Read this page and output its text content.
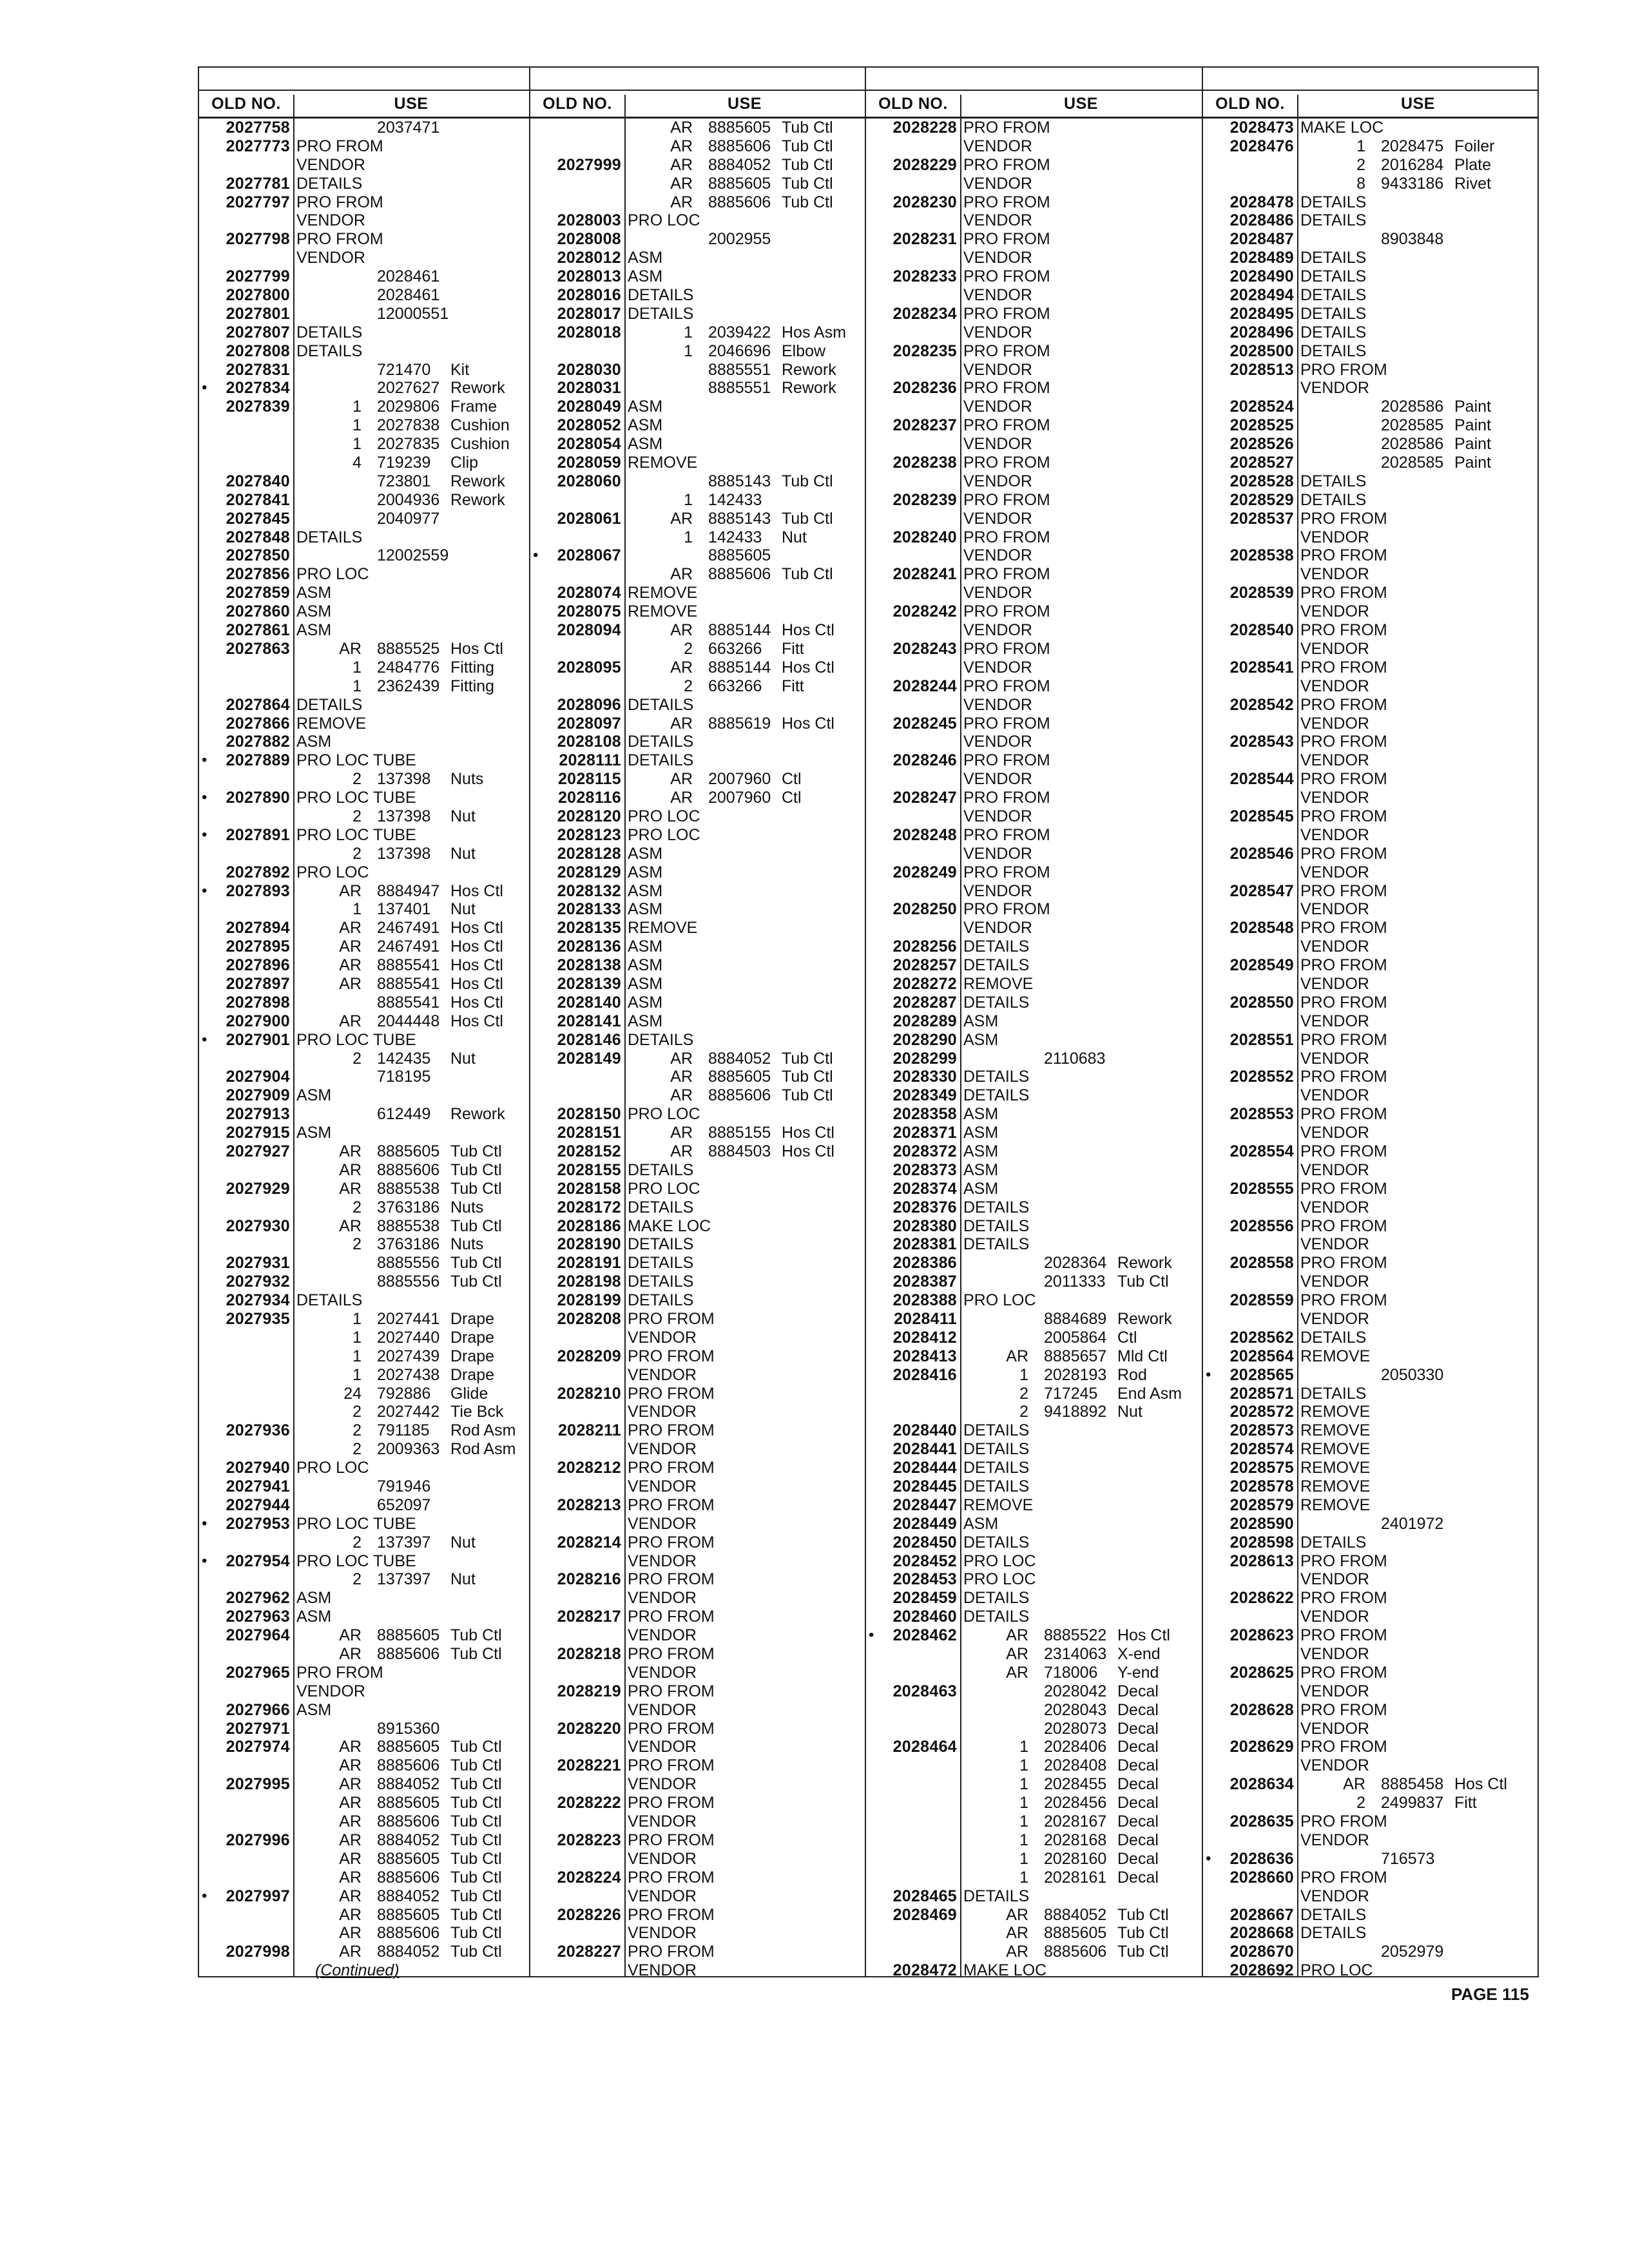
OLD NO.	USE
2027758	2037471
2027773 PRO FROM
VENDOR
2027781 DETAILS
2027797 PRO FROM
VENDOR
2027798 PRO FROM
VENDOR
2027799	2028461
2027800	2028461
2027801	12000551
2027807 DETAILS
2027808 DETAILS
2027831	721470 Kit
•	2027834	2027627 Rework
2027839	1 2029806 Frame
1 2027838 Cushion
1 2027835 Cushion
4 719239 Clip
2027840	723801 Rework
2027841	2004936 Rework
2027845	2040977
2027848 DETAILS
2027850	12002559
2027856 PRO LOC
2027859 ASM
2027860 ASM
2027861 ASM
2027863	AR 8885525 Hos Ctl
1 2484776 Fitting
1 2362439 Fitting
2027864 DETAILS
2027866 REMOVE
2027882 ASM
•	2027889 PRO LOC TUBE
2 137398 Nuts
•	2027890 PRO LOC TUBE
2 137398 Nut
•	2027891 PRO LOC TUBE
2 137398 Nut
2027892 PRO LOC
•	2027893	AR 8884947 Hos Ctl
1 137401 Nut
2027894	AR 2467491 Hos Ctl
2027895	AR 2467491 Hos Ctl
2027896	AR 8885541 Hos Ctl
2027897	AR 8885541 Hos Ctl
2027898	8885541 Hos Ctl
2027900	AR 2044448 Hos Ctl
•	2027901 PRO LOC TUBE
2 142435 Nut
2027904	718195
2027909 ASM
2027913	612449 Rework
2027915 ASM
2027927	AR 8885605 Tub Ctl
AR 8885606 Tub Ctl
2027929	AR 8885538 Tub Ctl
2 3763186 Nuts
2027930	AR 8885538 Tub Ctl
2 3763186 Nuts
2027931	8885556 Tub Ctl
2027932	8885556 Tub Ctl
2027934 DETAILS
2027935	1 2027441 Drape
1 2027440 Drape
1 2027439 Drape
1 2027438 Drape
24 792886 Glide
2 2027442 Tie Bck
2027936	2 791185 Rod Asm
2 2009363 Rod Asm
2027940 PRO LOC
2027941	791946
2027944	652097
•	2027953 PRO LOC TUBE
2 137397 Nut
•	2027954 PRO LOC TUBE
2 137397 Nut
2027962 ASM
2027963 ASM
2027964	AR 8885605 Tub Ctl
AR 8885606 Tub Ctl
2027965 PRO FROM
VENDOR
2027966 ASM
2027971	8915360
2027974	AR 8885605 Tub Ctl
AR 8885606 Tub Ctl
2027995	AR 8884052 Tub Ctl
AR 8885605 Tub Ctl
AR 8885606 Tub Ctl
2027996	AR 8884052 Tub Ctl
AR 8885605 Tub Ctl
AR 8885606 Tub Ctl
•	2027997	AR 8884052 Tub Ctl
AR 8885605 Tub Ctl
AR 8885606 Tub Ctl
2027998	AR 8884052 Tub Ctl
(Continued)
OLD NO.	USE
AR 8885605 Tub Ctl
AR 8885606 Tub Ctl
2027999	AR 8884052 Tub Ctl
AR 8885605 Tub Ctl
AR 8885606 Tub Ctl
2028003 PRO LOC
2028008	2002955
2028012 ASM
2028013 ASM
2028016 DETAILS
2028017 DETAILS
2028018	1 2039422 Hos Asm
1 2046696 Elbow
2028030	8885551 Rework
2028031	8885551 Rework
2028049 ASM
2028052 ASM
2028054 ASM
2028059 REMOVE
2028060	8885143 Tub Ctl
1 142433
2028061	AR 8885143 Tub Ctl
1 142433 Nut
•	2028067	8885605
AR 8885606 Tub Ctl
2028074 REMOVE
2028075 REMOVE
2028094	AR 8885144 Hos Ctl
2 663266 Fitt
2028095	AR 8885144 Hos Ctl
2 663266 Fitt
2028096 DETAILS
2028097	AR 8885619 Hos Ctl
2028108 DETAILS
2028111 DETAILS
2028115	AR 2007960 Ctl
2028116	AR 2007960 Ctl
2028120 PRO LOC
2028123 PRO LOC
2028128 ASM
2028129 ASM
2028132 ASM
2028133 ASM
2028135 REMOVE
2028136 ASM
2028138 ASM
2028139 ASM
2028140 ASM
2028141 ASM
2028146 DETAILS
2028149	AR 8884052 Tub Ctl
AR 8885605 Tub Ctl
AR 8885606 Tub Ctl
2028150 PRO LOC
2028151	AR 8885155 Hos Ctl
2028152	AR 8884503 Hos Ctl
2028155 DETAILS
2028158 PRO LOC
2028172 DETAILS
2028186 MAKE LOC
2028190 DETAILS
2028191 DETAILS
2028198 DETAILS
2028199 DETAILS
2028208 PRO FROM
VENDOR
2028209 PRO FROM
VENDOR
2028210 PRO FROM
VENDOR
2028211 PRO FROM
VENDOR
2028212 PRO FROM
VENDOR
2028213 PRO FROM
VENDOR
2028214 PRO FROM
VENDOR
2028216 PRO FROM
VENDOR
2028217 PRO FROM
VENDOR
2028218 PRO FROM
VENDOR
2028219 PRO FROM
VENDOR
2028220 PRO FROM
VENDOR
2028221 PRO FROM
VENDOR
2028222 PRO FROM
VENDOR
2028223 PRO FROM
VENDOR
2028224 PRO FROM
VENDOR
2028226 PRO FROM
VENDOR
2028227 PRO FROM
VENDOR
OLD NO.	USE
2028228 PRO FROM
VENDOR
2028229 PRO FROM
VENDOR
2028230 PRO FROM
VENDOR
2028231 PRO FROM
VENDOR
2028233 PRO FROM
VENDOR
2028234 PRO FROM
VENDOR
2028235 PRO FROM
VENDOR
2028236 PRO FROM
VENDOR
2028237 PRO FROM
VENDOR
2028238 PRO FROM
VENDOR
2028239 PRO FROM
VENDOR
2028240 PRO FROM
VENDOR
2028241 PRO FROM
VENDOR
2028242 PRO FROM
VENDOR
2028243 PRO FROM
VENDOR
2028244 PRO FROM
VENDOR
2028245 PRO FROM
VENDOR
2028246 PRO FROM
VENDOR
2028247 PRO FROM
VENDOR
2028248 PRO FROM
VENDOR
2028249 PRO FROM
VENDOR
2028250 PRO FROM
VENDOR
2028256 DETAILS
2028257 DETAILS
2028272 REMOVE
2028287 DETAILS
2028289 ASM
2028290 ASM
2028299	2110683
2028330 DETAILS
2028349 DETAILS
2028358 ASM
2028371 ASM
2028372 ASM
2028373 ASM
2028374 ASM
2028376 DETAILS
2028380 DETAILS
2028381 DETAILS
2028386	2028364 Rework
2028387	2011333 Tub Ctl
2028388 PRO LOC
2028411	8884689 Rework
2028412	2005864 Ctl
2028413	AR 8885657 Mld Ctl
2028416	1 2028193 Rod
2 717245 End Asm
2 9418892 Nut
2028440 DETAILS
2028441 DETAILS
2028444 DETAILS
2028445 DETAILS
2028447 REMOVE
2028449 ASM
2028450 DETAILS
2028452 PRO LOC
2028453 PRO LOC
2028459 DETAILS
2028460 DETAILS
•	2028462	AR 8885522 Hos Ctl
AR 2314063 X-end
AR 718006 Y-end
2028463	2028042 Decal
2028043 Decal
2028073 Decal
2028464	1 2028406 Decal
1 2028408 Decal
1 2028455 Decal
1 2028456 Decal
1 2028167 Decal
1 2028168 Decal
1 2028160 Decal
1 2028161 Decal
2028465 DETAILS
2028469	AR 8884052 Tub Ctl
AR 8885605 Tub Ctl
AR 8885606 Tub Ctl
2028472 MAKE LOC
OLD NO.	USE
2028473 MAKE LOC
2028476	1 2028475 Foiler
2 2016284 Plate
8 9433186 Rivet
2028478 DETAILS
2028486 DETAILS
2028487	8903848
2028489 DETAILS
2028490 DETAILS
2028494 DETAILS
2028495 DETAILS
2028496 DETAILS
2028500 DETAILS
2028513 PRO FROM
VENDOR
2028524	2028586 Paint
2028525	2028585 Paint
2028526	2028586 Paint
2028527	2028585 Paint
2028528 DETAILS
2028529 DETAILS
2028537 PRO FROM
VENDOR
2028538 PRO FROM
VENDOR
2028539 PRO FROM
VENDOR
2028540 PRO FROM
VENDOR
2028541 PRO FROM
VENDOR
2028542 PRO FROM
VENDOR
2028543 PRO FROM
VENDOR
2028544 PRO FROM
VENDOR
2028545 PRO FROM
VENDOR
2028546 PRO FROM
VENDOR
2028547 PRO FROM
VENDOR
2028548 PRO FROM
VENDOR
2028549 PRO FROM
VENDOR
2028550 PRO FROM
VENDOR
2028551 PRO FROM
VENDOR
2028552 PRO FROM
VENDOR
2028553 PRO FROM
VENDOR
2028554 PRO FROM
VENDOR
2028555 PRO FROM
VENDOR
2028556 PRO FROM
VENDOR
2028558 PRO FROM
VENDOR
2028559 PRO FROM
VENDOR
2028562 DETAILS
2028564 REMOVE
•	2028565	2050330
2028571 DETAILS
2028572 REMOVE
2028573 REMOVE
2028574 REMOVE
2028575 REMOVE
2028578 REMOVE
2028579 REMOVE
2028590	2401972
2028598 DETAILS
2028613 PRO FROM
VENDOR
2028622 PRO FROM
VENDOR
2028623 PRO FROM
VENDOR
2028625 PRO FROM
VENDOR
2028628 PRO FROM
VENDOR
2028629 PRO FROM
VENDOR
2028634	AR 8885458 Hos Ctl
2 2499837 Fitt
2028635 PRO FROM
VENDOR
•	2028636	716573
2028660 PRO FROM
VENDOR
2028667 DETAILS
2028668 DETAILS
2028670	2052979
2028692 PRO LOC
PAGE 115
